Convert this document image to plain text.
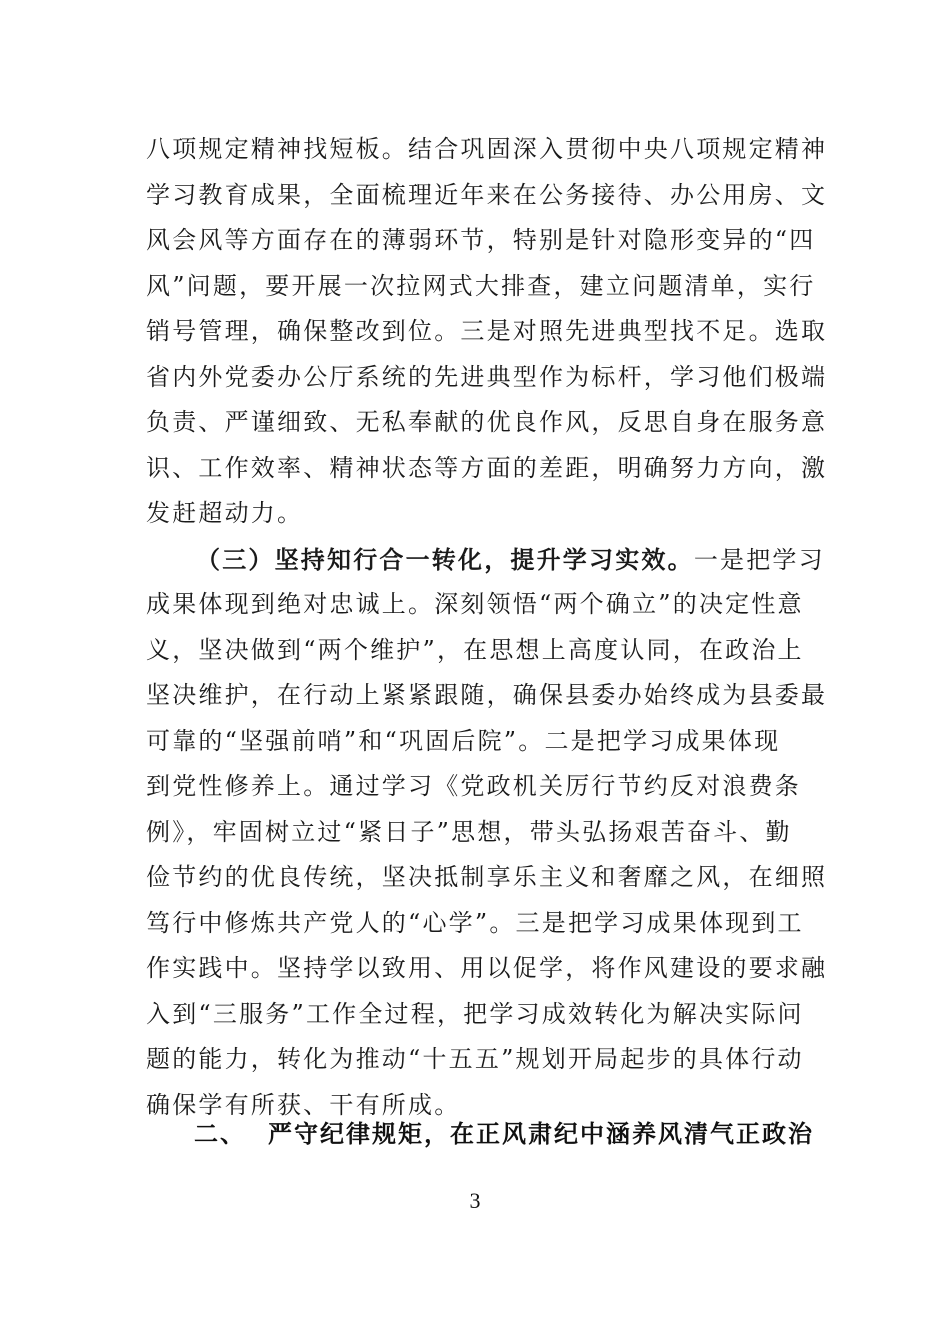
八项规定精神找短板。结合巩固深入贯彻中央八项规定精神
学习教育成果，全面梳理近年来在公务接待、办公用房、文
风会风等方面存在的薄弱环节，特别是针对隐形变异的“四
风”问题，要开展一次拉网式大排查，建立问题清单，实行
销号管理，确保整改到位。三是对照先进典型找不足。选取
省内外党委办公厅系统的先进典型作为标杆，学习他们极端
负责、严谨细致、无私奉献的优良作风，反思自身在服务意
识、工作效率、精神状态等方面的差距，明确努力方向，激
发赶超动力。
（三）坚持知行合一转化，提升学习实效。一是把学习
成果体现到绝对忠诚上。深刻领悟“两个确立”的决定性意
义，坚决做到“两个维护”，在思想上高度认同，在政治上
坚决维护，在行动上紧紧跟随，确保县委办始终成为县委最
可靠的“坚强前哨”和“巩固后院”。二是把学习成果体现
到党性修养上。通过学习《党政机关厉行节约反对浪费条
例》，牢固树立过“紧日子”思想，带头弘扬艰苦奋斗、勤
俭节约的优良传统，坚决抵制享乐主义和奢靡之风，在细照
笃行中修炼共产党人的“心学”。三是把学习成果体现到工
作实践中。坚持学以致用、用以促学，将作风建设的要求融
入到“三服务”工作全过程，把学习成效转化为解决实际问
题的能力，转化为推动“十五五”规划开局起步的具体行动
确保学有所获、干有所成。
二、 严守纪律规矩，在正风肃纪中涵养风清气正政治
3
